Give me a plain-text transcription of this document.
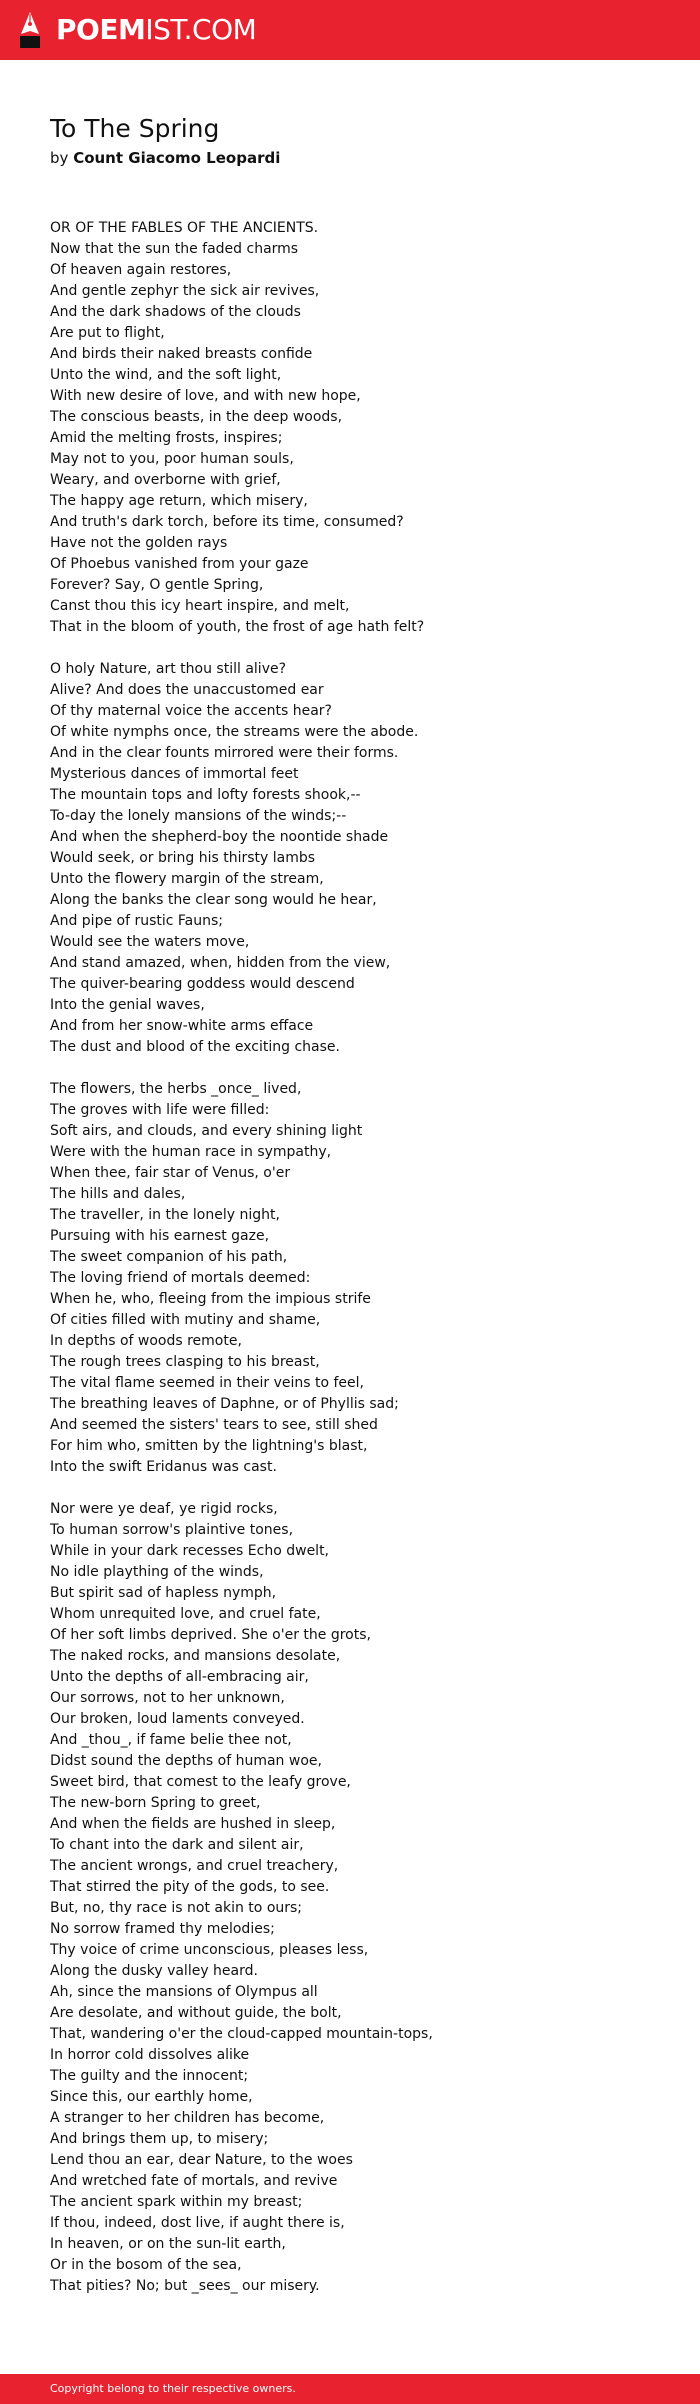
POEMIST.COM
To The Spring
by Count Giacomo Leopardi
OR OF THE FABLES OF THE ANCIENTS.
Now that the sun the faded charms
Of heaven again restores,
And gentle zephyr the sick air revives,
And the dark shadows of the clouds
Are put to flight,
And birds their naked breasts confide
Unto the wind, and the soft light,
With new desire of love, and with new hope,
The conscious beasts, in the deep woods,
Amid the melting frosts, inspires;
May not to you, poor human souls,
Weary, and overborne with grief,
The happy age return, which misery,
And truth's dark torch, before its time, consumed?
Have not the golden rays
Of Phoebus vanished from your gaze
Forever? Say, O gentle Spring,
Canst thou this icy heart inspire, and melt,
That in the bloom of youth, the frost of age hath felt?
O holy Nature, art thou still alive?
Alive? And does the unaccustomed ear
Of thy maternal voice the accents hear?
Of white nymphs once, the streams were the abode.
And in the clear founts mirrored were their forms.
Mysterious dances of immortal feet
The mountain tops and lofty forests shook,--
To-day the lonely mansions of the winds;--
And when the shepherd-boy the noontide shade
Would seek, or bring his thirsty lambs
Unto the flowery margin of the stream,
Along the banks the clear song would he hear,
And pipe of rustic Fauns;
Would see the waters move,
And stand amazed, when, hidden from the view,
The quiver-bearing goddess would descend
Into the genial waves,
And from her snow-white arms efface
The dust and blood of the exciting chase.
The flowers, the herbs _once_ lived,
The groves with life were filled:
Soft airs, and clouds, and every shining light
Were with the human race in sympathy,
When thee, fair star of Venus, o'er
The hills and dales,
The traveller, in the lonely night,
Pursuing with his earnest gaze,
The sweet companion of his path,
The loving friend of mortals deemed:
When he, who, fleeing from the impious strife
Of cities filled with mutiny and shame,
In depths of woods remote,
The rough trees clasping to his breast,
The vital flame seemed in their veins to feel,
The breathing leaves of Daphne, or of Phyllis sad;
And seemed the sisters' tears to see, still shed
For him who, smitten by the lightning's blast,
Into the swift Eridanus was cast.
Nor were ye deaf, ye rigid rocks,
To human sorrow's plaintive tones,
While in your dark recesses Echo dwelt,
No idle plaything of the winds,
But spirit sad of hapless nymph,
Whom unrequited love, and cruel fate,
Of her soft limbs deprived. She o'er the grots,
The naked rocks, and mansions desolate,
Unto the depths of all-embracing air,
Our sorrows, not to her unknown,
Our broken, loud laments conveyed.
And _thou_, if fame belie thee not,
Didst sound the depths of human woe,
Sweet bird, that comest to the leafy grove,
The new-born Spring to greet,
And when the fields are hushed in sleep,
To chant into the dark and silent air,
The ancient wrongs, and cruel treachery,
That stirred the pity of the gods, to see.
But, no, thy race is not akin to ours;
No sorrow framed thy melodies;
Thy voice of crime unconscious, pleases less,
Along the dusky valley heard.
Ah, since the mansions of Olympus all
Are desolate, and without guide, the bolt,
That, wandering o'er the cloud-capped mountain-tops,
In horror cold dissolves alike
The guilty and the innocent;
Since this, our earthly home,
A stranger to her children has become,
And brings them up, to misery;
Lend thou an ear, dear Nature, to the woes
And wretched fate of mortals, and revive
The ancient spark within my breast;
If thou, indeed, dost live, if aught there is,
In heaven, or on the sun-lit earth,
Or in the bosom of the sea,
That pities? No; but _sees_ our misery.
Copyright belong to their respective owners.
